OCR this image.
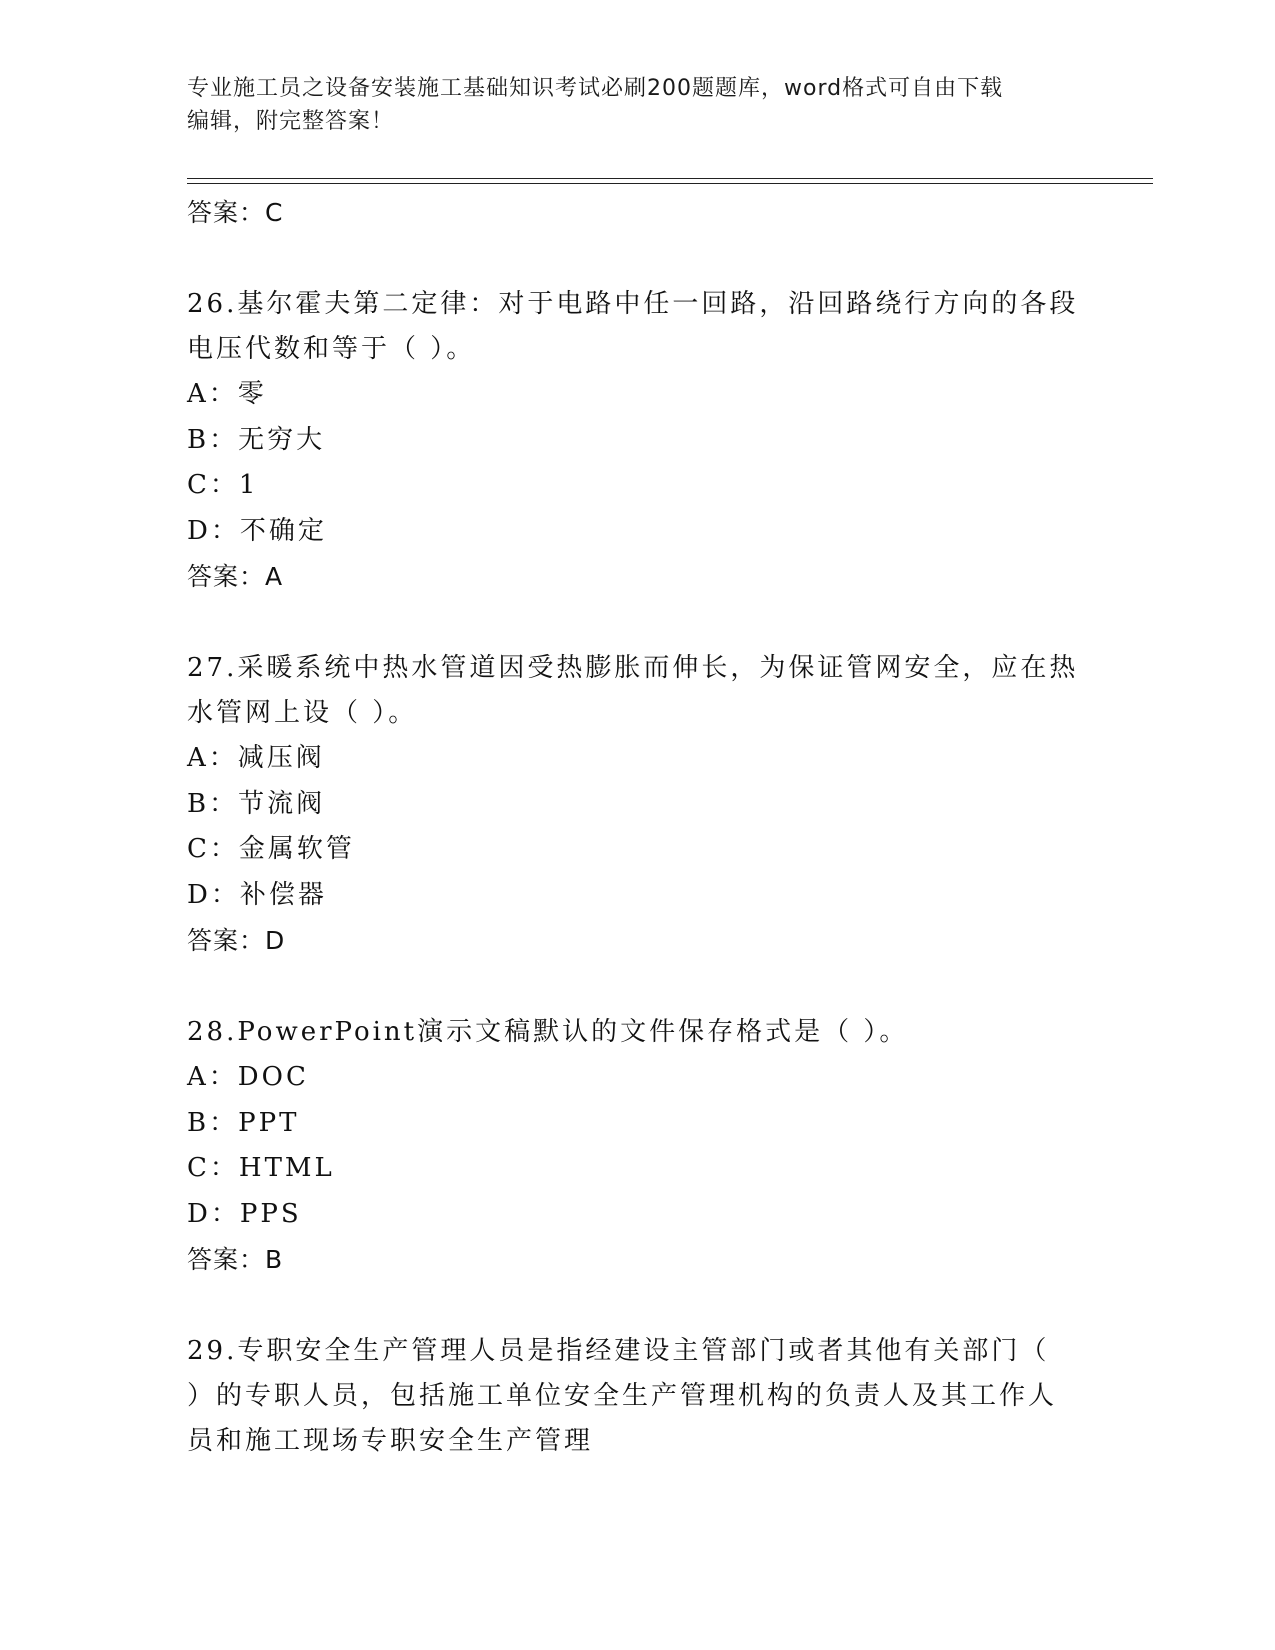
专业施工员之设备安装施工基础知识考试必刷200题题库，word格式可自由下载
编辑，附完整答案！
答案：C
26.基尔霍夫第二定律：对于电路中任一回路，沿回路绕行方向的各段
电压代数和等于（ ）。
A：零
B：无穷大
C：1
D：不确定
答案：A
27.采暖系统中热水管道因受热膨胀而伸长，为保证管网安全，应在热
水管网上设（ ）。
A：减压阀
B：节流阀
C：金属软管
D：补偿器
答案：D
28.PowerPoint演示文稿默认的文件保存格式是（ ）。
A：DOC
B：PPT
C：HTML
D：PPS
答案：B
29.专职安全生产管理人员是指经建设主管部门或者其他有关部门（
）的专职人员，包括施工单位安全生产管理机构的负责人及其工作人
员和施工现场专职安全生产管理
